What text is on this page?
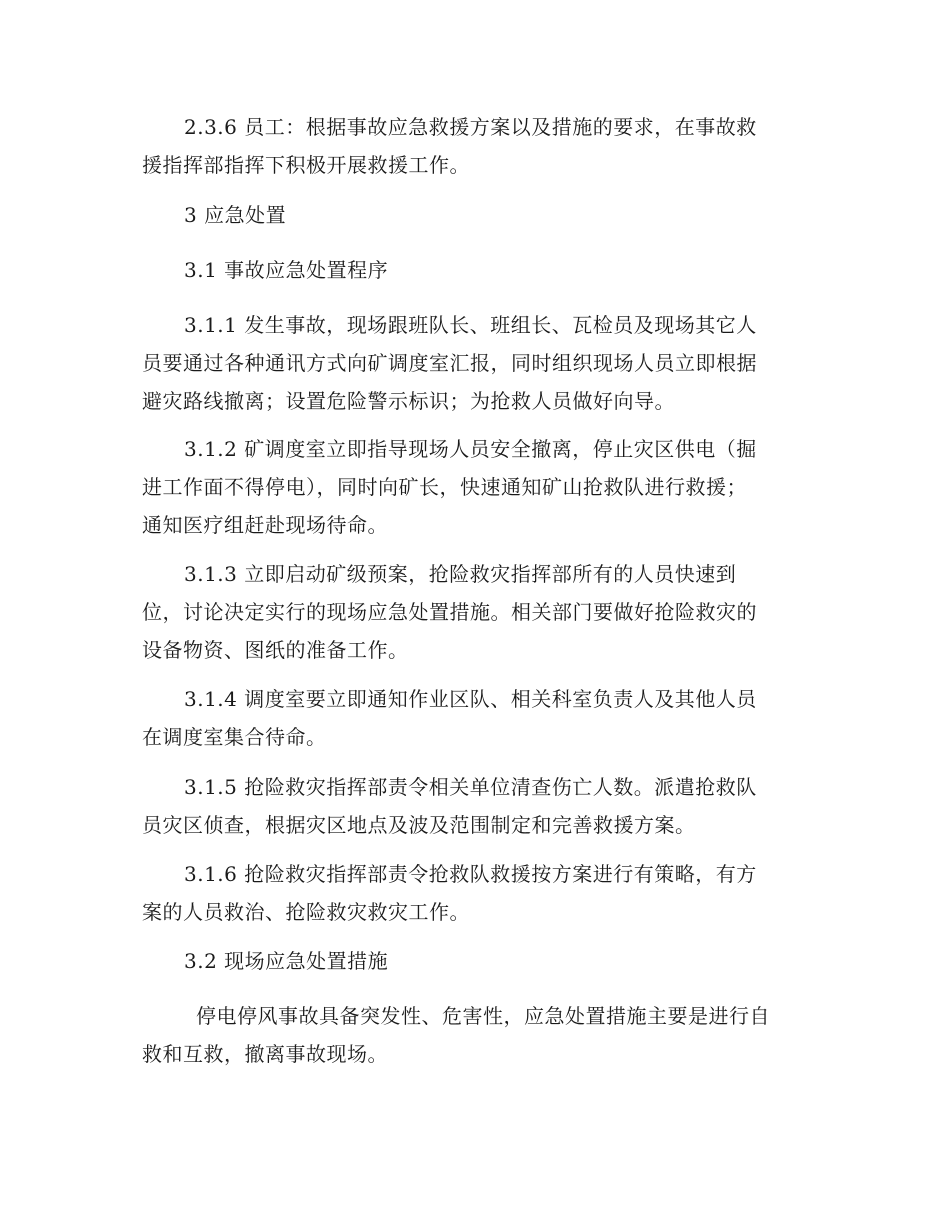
2.3.6 员工：根据事故应急救援方案以及措施的要求，在事故救
援指挥部指挥下积极开展救援工作。
3 应急处置
3.1 事故应急处置程序
3.1.1 发生事故，现场跟班队长、班组长、瓦检员及现场其它人
员要通过各种通讯方式向矿调度室汇报，同时组织现场人员立即根据
避灾路线撤离；设置危险警示标识；为抢救人员做好向导。
3.1.2 矿调度室立即指导现场人员安全撤离，停止灾区供电（掘
进工作面不得停电），同时向矿长，快速通知矿山抢救队进行救援；
通知医疗组赶赴现场待命。
3.1.3 立即启动矿级预案，抢险救灾指挥部所有的人员快速到
位，讨论决定实行的现场应急处置措施。相关部门要做好抢险救灾的
设备物资、图纸的准备工作。
3.1.4 调度室要立即通知作业区队、相关科室负责人及其他人员
在调度室集合待命。
3.1.5 抢险救灾指挥部责令相关单位清查伤亡人数。派遣抢救队
员灾区侦查，根据灾区地点及波及范围制定和完善救援方案。
3.1.6 抢险救灾指挥部责令抢救队救援按方案进行有策略，有方
案的人员救治、抢险救灾救灾工作。
3.2 现场应急处置措施
停电停风事故具备突发性、危害性，应急处置措施主要是进行自
救和互救，撤离事故现场。
